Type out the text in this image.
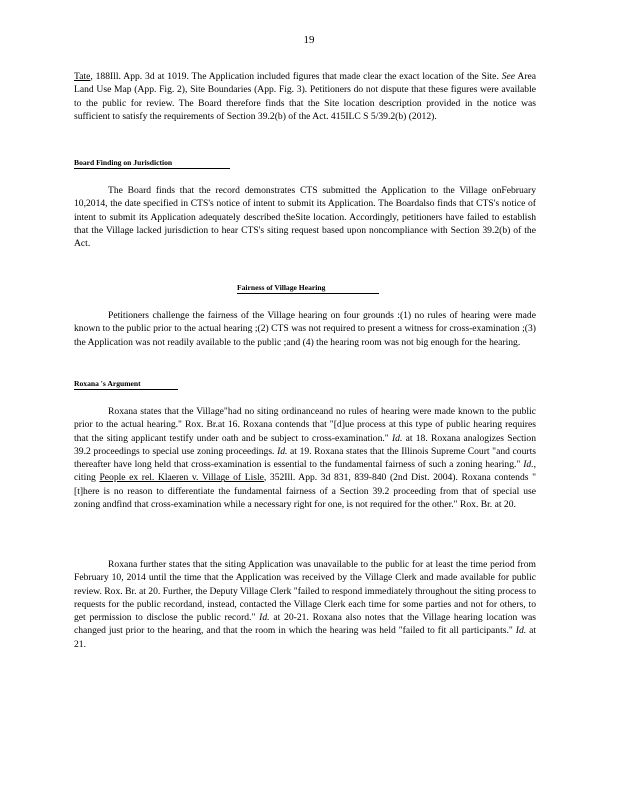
19

Tate, 188Ill. App. 3d at 1019. The Application included figures that made clear the exact location of the Site. See Area Land Use Map (App. Fig. 2), Site Boundaries (App. Fig. 3). Petitioners do not dispute that these figures were available to the public for review. The Board therefore finds that the Site location description provided in the notice was sufficient to satisfy the requirements of Section 39.2(b) of the Act. 415ILC S 5/39.2(b) (2012).

Board Finding on Jurisdiction

The Board finds that the record demonstrates CTS submitted the Application to the Village onFebruary 10,2014, the date specified in CTS's notice of intent to submit its Application. The Boardalso finds that CTS's notice of intent to submit its Application adequately described theSite location. Accordingly, petitioners have failed to establish that the Village lacked jurisdiction to hear CTS's siting request based upon noncompliance with Section 39.2(b) of the Act.

Fairness of Village Hearing

Petitioners challenge the fairness of the Village hearing on four grounds :(1) no rules of hearing were made known to the public prior to the actual hearing ;(2) CTS was not required to present a witness for cross-examination ;(3) the Application was not readily available to the public ;and (4) the hearing room was not big enough for the hearing.

Roxana 's Argument

Roxana states that the Village"had no siting ordinanceand no rules of hearing were made known to the public prior to the actual hearing." Rox. Br.at 16. Roxana contends that "[d]ue process at this type of public hearing requires that the siting applicant testify under oath and be subject to cross-examination." Id. at 18. Roxana analogizes Section 39.2 proceedings to special use zoning proceedings. Id. at 19. Roxana states that the Illinois Supreme Court "and courts thereafter have long held that cross-examination is essential to the fundamental fairness of such a zoning hearing." Id., citing People ex rel. Klaeren v. Village of Lisle, 352Ill. App. 3d 831, 839-840 (2nd Dist. 2004). Roxana contends "[t]here is no reason to differentiate the fundamental fairness of a Section 39.2 proceeding from that of special use zoning andfind that cross-examination while a necessary right for one, is not required for the other." Rox. Br. at 20.

Roxana further states that the siting Application was unavailable to the public for at least the time period from February 10, 2014 until the time that the Application was received by the Village Clerk and made available for public review. Rox. Br. at 20. Further, the Deputy Village Clerk "failed to respond immediately throughout the siting process to requests for the public recordand, instead, contacted the Village Clerk each time for some parties and not for others, to get permission to disclose the public record." Id. at 20-21. Roxana also notes that the Village hearing location was changed just prior to the hearing, and that the room in which the hearing was held "failed to fit all participants." Id. at 21.
